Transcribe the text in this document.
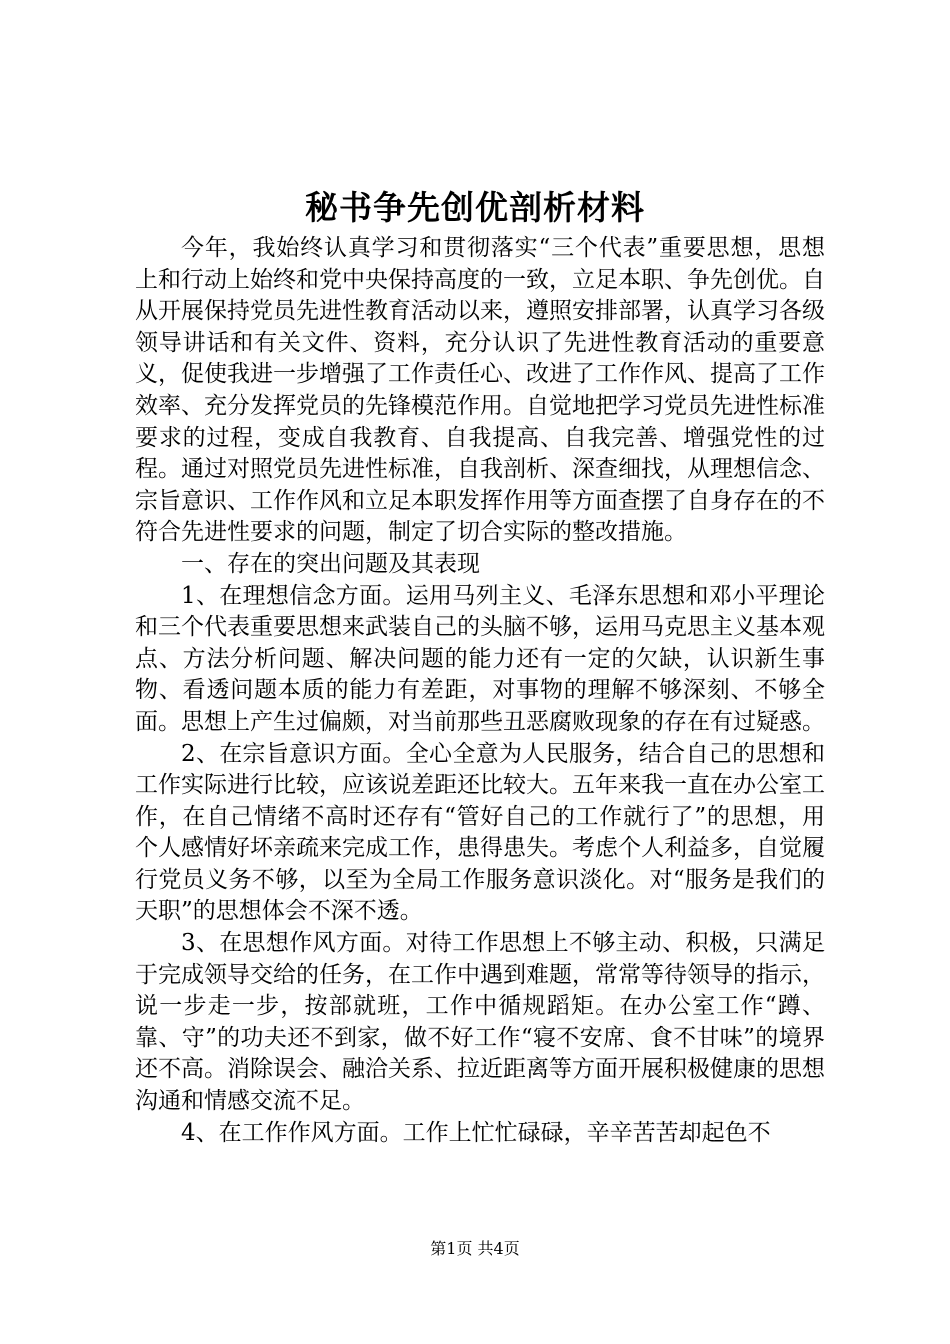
秘书争先创优剖析材料

今年，我始终认真学习和贯彻落实“三个代表”重要思想，思想上和行动上始终和党中央保持高度的一致，立足本职、争先创优。自从开展保持党员先进性教育活动以来，遵照安排部署，认真学习各级领导讲话和有关文件、资料，充分认识了先进性教育活动的重要意义，促使我进一步增强了工作责任心、改进了工作作风、提高了工作效率、充分发挥党员的先锋模范作用。自觉地把学习党员先进性标准要求的过程，变成自我教育、自我提高、自我完善、增强党性的过程。通过对照党员先进性标准，自我剖析、深查细找，从理想信念、宗旨意识、工作作风和立足本职发挥作用等方面查摆了自身存在的不符合先进性要求的问题，制定了切合实际的整改措施。

一、存在的突出问题及其表现

1、在理想信念方面。运用马列主义、毛泽东思想和邓小平理论和三个代表重要思想来武装自己的头脑不够，运用马克思主义基本观点、方法分析问题、解决问题的能力还有一定的欠缺，认识新生事物、看透问题本质的能力有差距，对事物的理解不够深刻、不够全面。思想上产生过偏颇，对当前那些丑恶腐败现象的存在有过疑惑。

2、在宗旨意识方面。全心全意为人民服务，结合自己的思想和工作实际进行比较，应该说差距还比较大。五年来我一直在办公室工作，在自己情绪不高时还存有“管好自己的工作就行了”的思想，用个人感情好坏亲疏来完成工作，患得患失。考虑个人利益多，自觉履行党员义务不够，以至为全局工作服务意识淡化。对“服务是我们的天职”的思想体会不深不透。

3、在思想作风方面。对待工作思想上不够主动、积极，只满足于完成领导交给的任务，在工作中遇到难题，常常等待领导的指示，说一步走一步，按部就班，工作中循规蹈矩。在办公室工作“蹲、靠、守”的功夫还不到家，做不好工作“寝不安席、食不甘味”的境界还不高。消除误会、融洽关系、拉近距离等方面开展积极健康的思想沟通和情感交流不足。

4、在工作作风方面。工作上忙忙碌碌，辛辛苦苦却起色不

第1页 共4页
